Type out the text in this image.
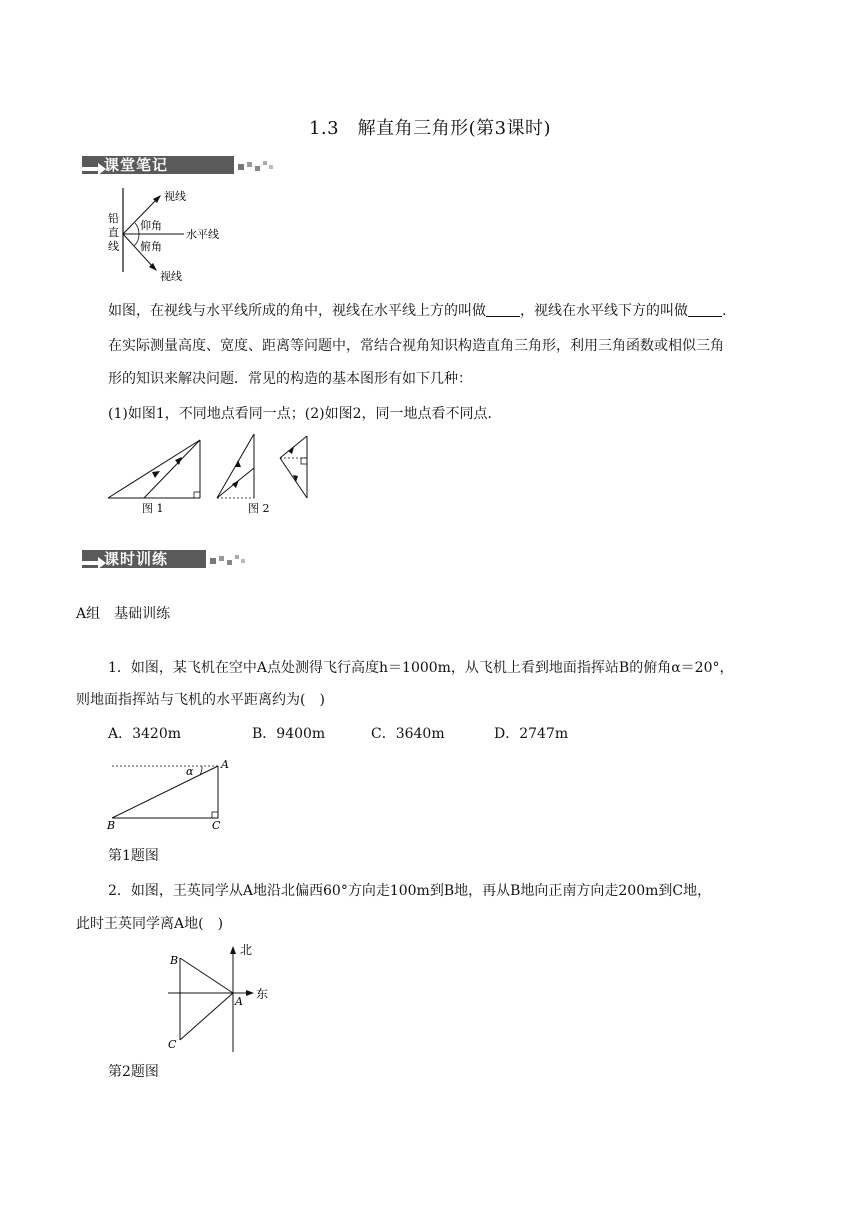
1.3　解直角三角形(第3课时)
课堂笔记
铅
直
线
视线
仰角
水平线
俯角
视线
如图，在视线与水平线所成的角中，视线在水平线上方的叫做 ，视线在水平线下方的叫做 .
在实际测量高度、宽度、距离等问题中，常结合视角知识构造直角三角形，利用三角函数或相似三角
形的知识来解决问题．常见的构造的基本图形有如下几种：
(1)如图1，不同地点看同一点；(2)如图2，同一地点看不同点．
图 1	图 2
课时训练
A组　基础训练
1．如图，某飞机在空中A点处测得飞行高度h＝1000m，从飞机上看到地面指挥站B的俯角α＝20°，
则地面指挥站与飞机的水平距离约为(　)
A．3420m	B．9400m	C．3640m	D．2747m
α
A
B	C
第1题图
2．如图，王英同学从A地沿北偏西60°方向走100m到B地，再从B地向正南方向走200m到C地，
此时王英同学离A地(　)
北
东
B
A
C
第2题图
